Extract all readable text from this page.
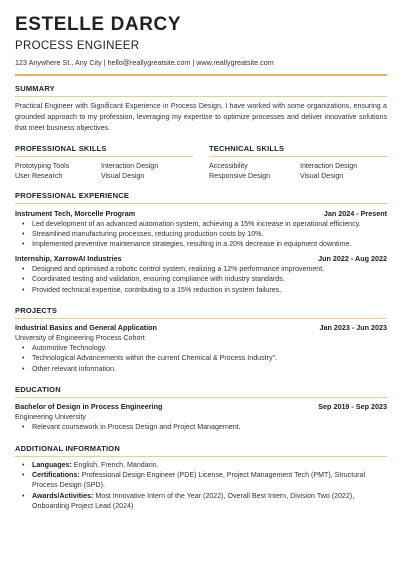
ESTELLE DARCY
PROCESS ENGINEER
123 Anywhere St., Any City | hello@reallygreatsite.com | www.reallygreatsite.com
SUMMARY
Practical Engineer with Significant Experience in Process Design, I have worked with some organizations, ensuring a grounded approach to my profession, leveraging my expertise to optimize processes and deliver innovative solutions that meet business objectives.
PROFESSIONAL SKILLS
Prototyping Tools	Interaction Design
User Research	Visual Design
TECHNICAL SKILLS
Accessibility	Interaction Design
Responsive Design	Visual Design
PROFESSIONAL EXPERIENCE
Instrument Tech, Morcelle Program	Jan 2024 - Present
• Led development of an advanced automation system, achieving a 15% increase in operational efficiency.
• Streamlined manufacturing processes, reducing production costs by 10%.
• Implemented preventive maintenance strategies, resulting in a 20% decrease in equipment downtime.
Internship, XarrowAI Industries	Jun 2022 - Aug 2022
• Designed and optimised a robotic control system, realizing a 12% performance improvement.
• Coordinated testing and validation, ensuring compliance with industry standards.
• Provided technical expertise, contributing to a 15% reduction in system failures.
PROJECTS
Industrial Basics and General Application	Jan 2023 - Jun 2023
University of Engineering Process Cohort
• Automotive Technology.
• Technological Advancements within the current Chemical & Process Industry".
• Other relevant information.
EDUCATION
Bachelor of Design in Process Engineering	Sep 2019 - Sep 2023
Engineering University
• Relevant coursework in Process Design and Project Management.
ADDITIONAL INFORMATION
• Languages: English, French, Mandarin.
• Certifications: Professional Design Engineer (PDE) License, Project Management Tech (PMT), Structural Process Design (SPD).
• Awards/Activities: Most Innovative Intern of the Year (2022), Overall Best Intern, Division Two (2022), Onboarding Project Lead (2024)
